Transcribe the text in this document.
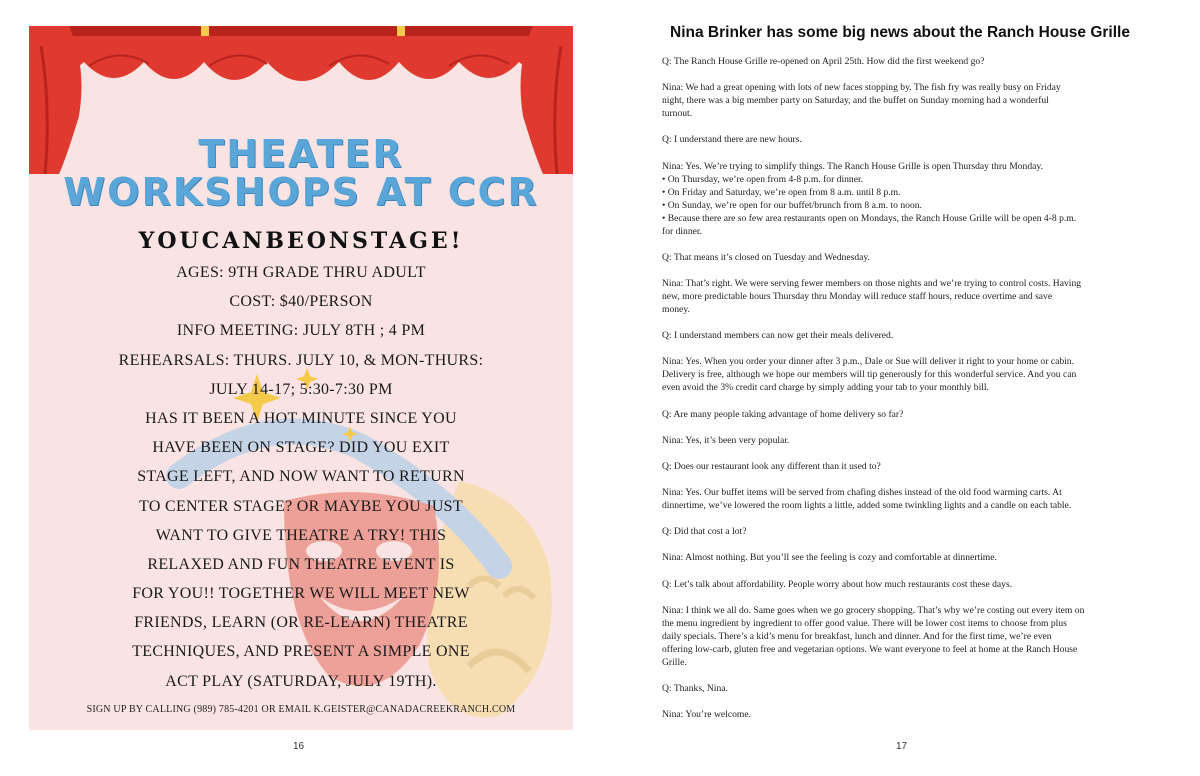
THEATER
WORKSHOPS AT CCR
YOUCANBEONSTAGE!
AGES: 9TH GRADE THRU ADULT
COST: $40/PERSON
INFO MEETING: JULY 8TH ; 4 PM
REHEARSALS: THURS. JULY 10, & MON-THURS:
JULY 14-17; 5:30-7:30 PM
HAS IT BEEN A HOT MINUTE SINCE YOU
HAVE BEEN ON STAGE? DID YOU EXIT
STAGE LEFT, AND NOW WANT TO RETURN
TO CENTER STAGE? OR MAYBE YOU JUST
WANT TO GIVE THEATRE A TRY! THIS
RELAXED AND FUN THEATRE EVENT IS
FOR YOU!! TOGETHER WE WILL MEET NEW
FRIENDS, LEARN (OR RE-LEARN) THEATRE
TECHNIQUES, AND PRESENT A SIMPLE ONE
ACT PLAY (SATURDAY, JULY 19TH).
SIGN UP BY CALLING (989) 785-4201 OR EMAIL K.GEISTER@CANADACREEKRANCH.COM
16
Nina Brinker has some big news about the Ranch House Grille
Q: The Ranch House Grille re-opened on April 25th. How did the first weekend go?
Nina: We had a great opening with lots of new faces stopping by. The fish fry was really busy on Friday
night, there was a big member party on Saturday, and the buffet on Sunday morning had a wonderful
turnout.
Q: I understand there are new hours.
Nina: Yes. We’re trying to simplify things. The Ranch House Grille is open Thursday thru Monday.
• On Thursday, we’re open from 4-8 p.m. for dinner.
• On Friday and Saturday, we’re open from 8 a.m. until 8 p.m.
• On Sunday, we’re open for our buffet/brunch from 8 a.m. to noon.
• Because there are so few area restaurants open on Mondays, the Ranch House Grille will be open 4-8 p.m.
for dinner.
Q: That means it’s closed on Tuesday and Wednesday.
Nina: That’s right. We were serving fewer members on those nights and we’re trying to control costs. Having
new, more predictable hours Thursday thru Monday will reduce staff hours, reduce overtime and save
money.
Q: I understand members can now get their meals delivered.
Nina: Yes. When you order your dinner after 3 p.m., Dale or Sue will deliver it right to your home or cabin.
Delivery is free, although we hope our members will tip generously for this wonderful service. And you can
even avoid the 3% credit card charge by simply adding your tab to your monthly bill.
Q: Are many people taking advantage of home delivery so far?
Nina: Yes, it’s been very popular.
Q: Does our restaurant look any different than it used to?
Nina: Yes. Our buffet items will be served from chafing dishes instead of the old food warming carts. At
dinnertime, we’ve lowered the room lights a little, added some twinkling lights and a candle on each table.
Q: Did that cost a lot?
Nina: Almost nothing. But you’ll see the feeling is cozy and comfortable at dinnertime.
Q: Let’s talk about affordability. People worry about how much restaurants cost these days.
Nina: I think we all do. Same goes when we go grocery shopping. That’s why we’re costing out every item on
the menu ingredient by ingredient to offer good value. There will be lower cost items to choose from plus
daily specials. There’s a kid’s menu for breakfast, lunch and dinner. And for the first time, we’re even
offering low-carb, gluten free and vegetarian options. We want everyone to feel at home at the Ranch House
Grille.
Q: Thanks, Nina.
Nina: You’re welcome.
17
